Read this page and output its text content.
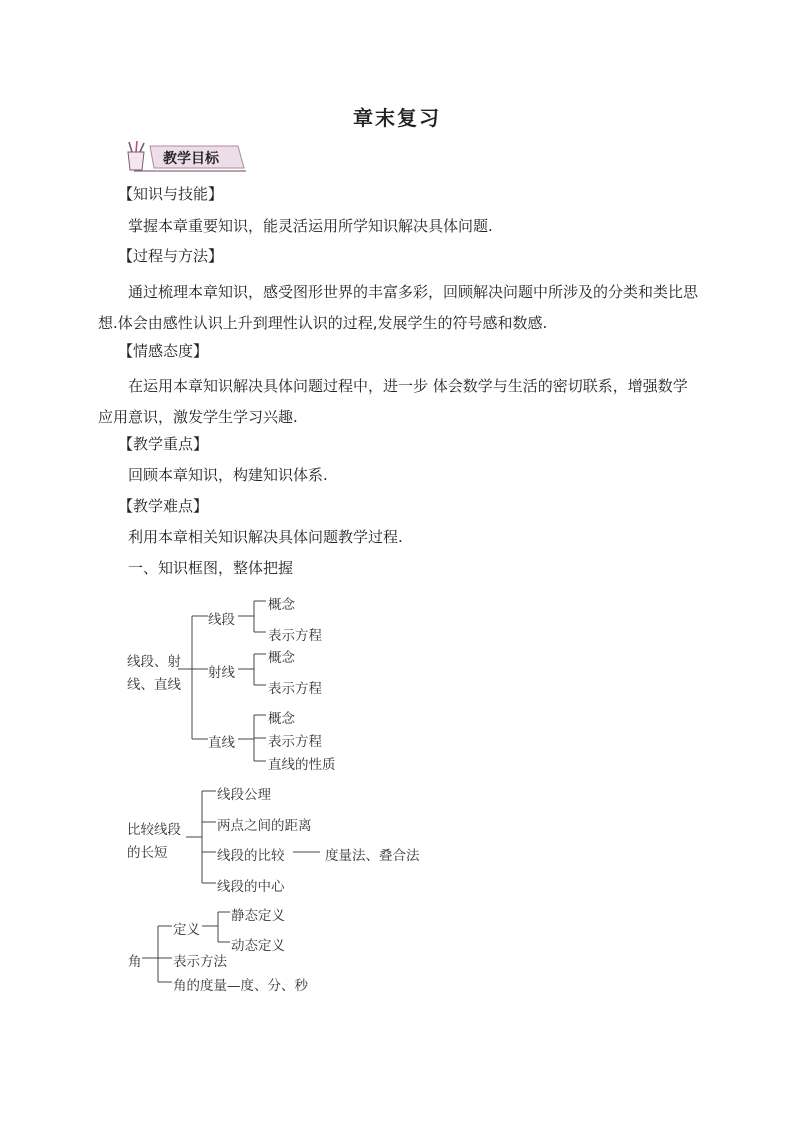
章末复习
教学目标
【知识与技能】
掌握本章重要知识，能灵活运用所学知识解决具体问题.
【过程与方法】
通过梳理本章知识，感受图形世界的丰富多彩，回顾解决问题中所涉及的分类和类比思想.体会由感性认识上升到理性认识的过程,发展学生的符号感和数感.
【情感态度】
在运用本章知识解决具体问题过程中，进一步 体会数学与生活的密切联系，增强数学应用意识，激发学生学习兴趣.
【教学重点】
回顾本章知识，构建知识体系.
【教学难点】
利用本章相关知识解决具体问题教学过程.
一、知识框图，整体把握
线段、射
线、直线
线段
概念
表示方程
射线
概念
表示方程
直线
概念
表示方程
直线的性质
比较线段
的长短
线段公理
两点之间的距离
线段的比较	度量法、叠合法
线段的中心
角
定义
静态定义
动态定义
表示方法
角的度量—度、分、秒
